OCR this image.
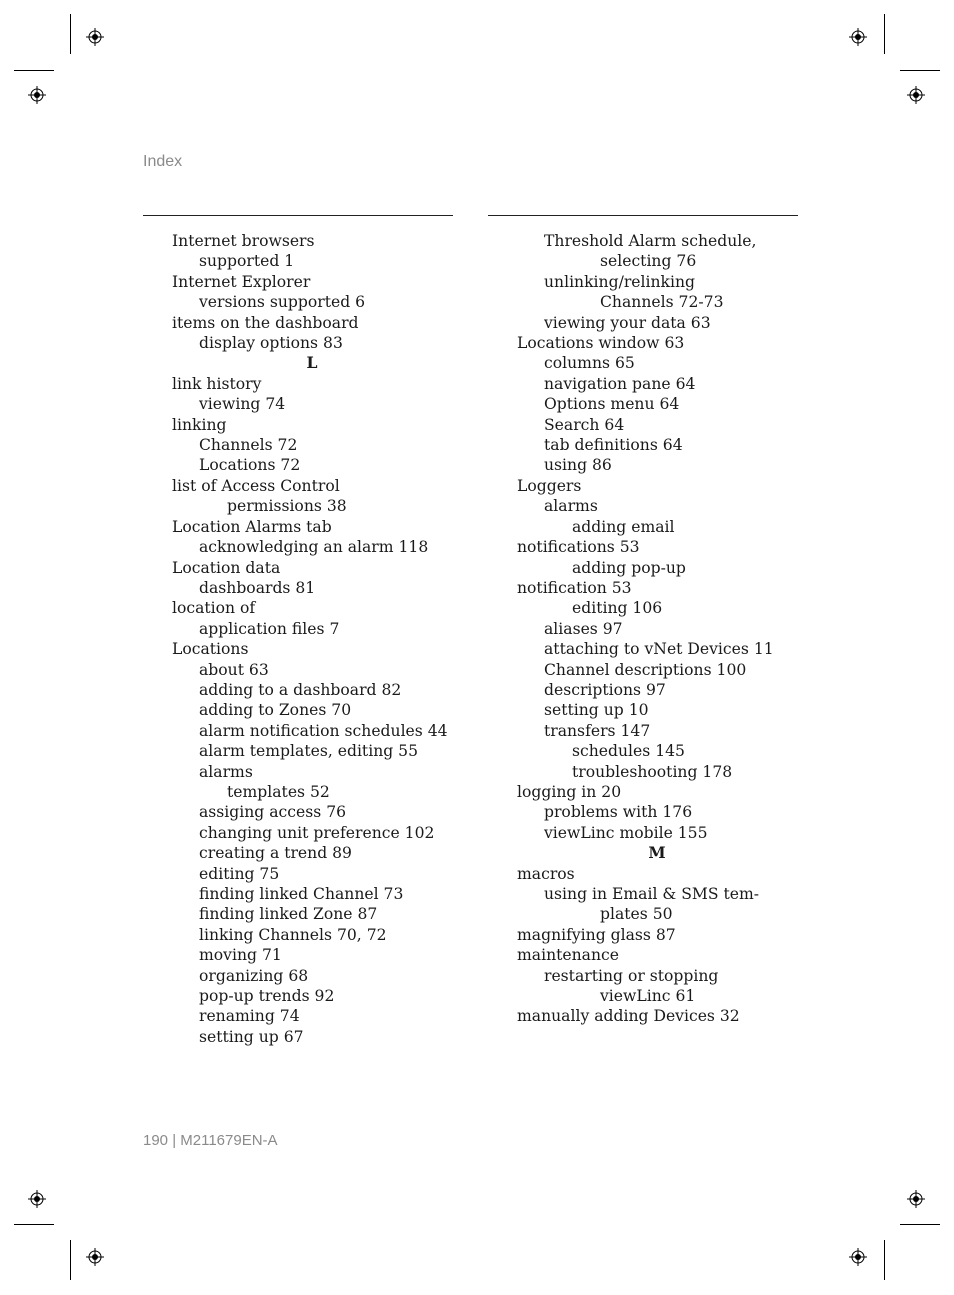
Index
Internet browsers
supported 1
Internet Explorer
versions supported 6
items on the dashboard
display options 83
L
link history
viewing 74
linking
Channels 72
Locations 72
list of Access Control
permissions 38
Location Alarms tab
acknowledging an alarm 118
Location data
dashboards 81
location of
application files 7
Locations
about 63
adding to a dashboard 82
adding to Zones 70
alarm notification schedules 44
alarm templates, editing 55
alarms
templates 52
assiging access 76
changing unit preference 102
creating a trend 89
editing 75
finding linked Channel 73
finding linked Zone 87
linking Channels 70, 72
moving 71
organizing 68
pop-up trends 92
renaming 74
setting up 67
Threshold Alarm schedule,
selecting 76
unlinking/relinking
Channels 72-73
viewing your data 63
Locations window 63
columns 65
navigation pane 64
Options menu 64
Search 64
tab definitions 64
using 86
Loggers
alarms
adding email
notifications 53
adding pop-up
notification 53
editing 106
aliases 97
attaching to vNet Devices 11
Channel descriptions 100
descriptions 97
setting up 10
transfers 147
schedules 145
troubleshooting 178
logging in 20
problems with 176
viewLinc mobile 155
M
macros
using in Email & SMS tem-
plates 50
magnifying glass 87
maintenance
restarting or stopping
viewLinc 61
manually adding Devices 32
190 | M211679EN-A
